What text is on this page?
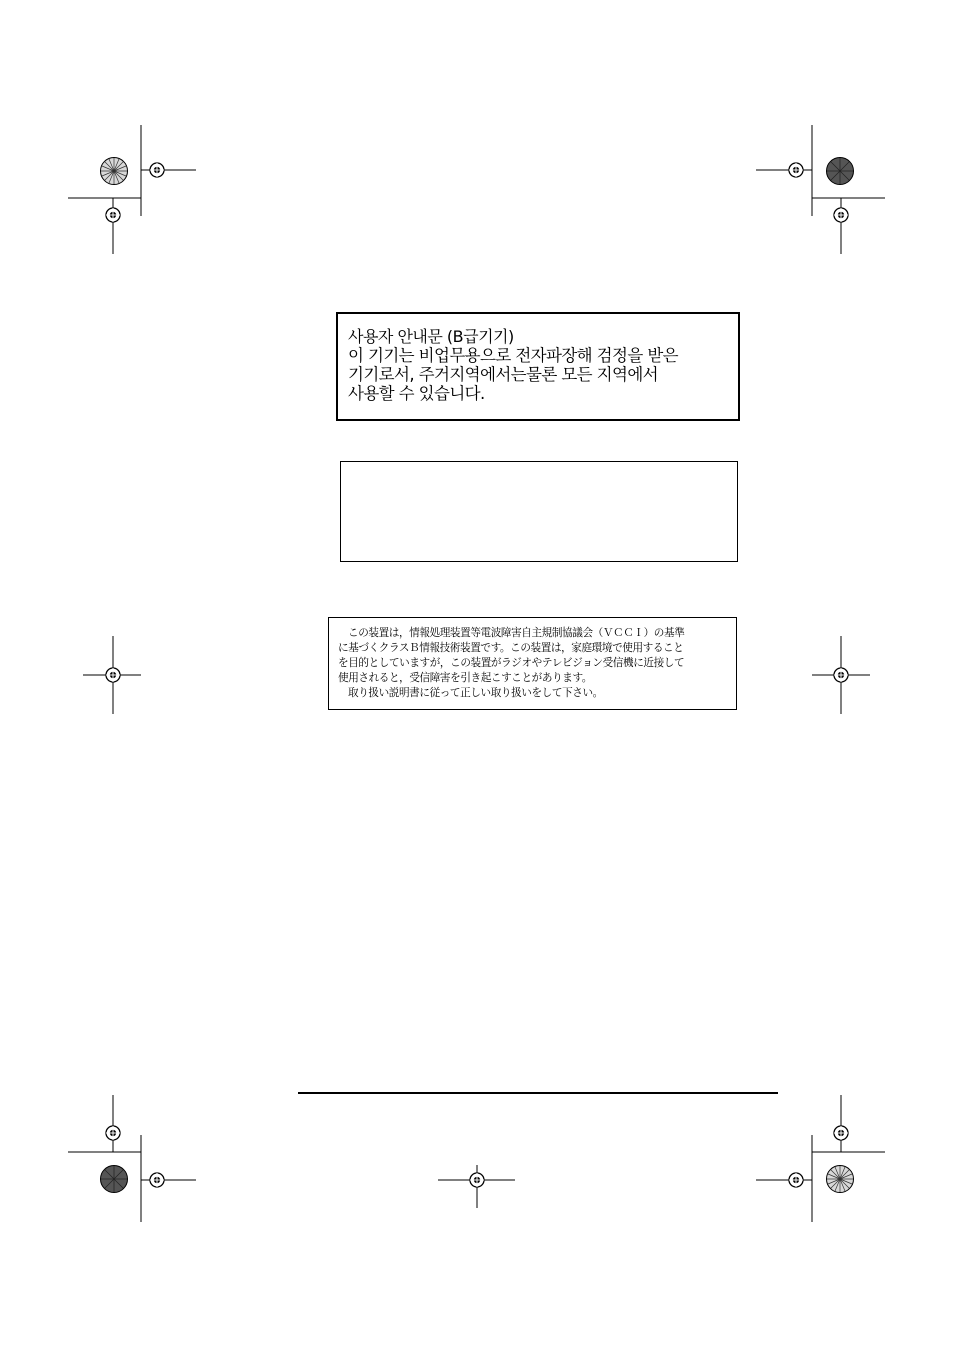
사용자 안내문 (B급기기)
이 기기는 비업무용으로 전자파장해 검정을 받은
기기로서, 주거지역에서는물론 모든 지역에서
사용할 수 있습니다.
この装置は，情報処理装置等電波障害自主規制協議会（ＶＣＣＩ）の基準
に基づくクラスＢ情報技術装置です。この装置は，家庭環境で使用すること
を目的としていますが，この装置がラジオやテレビジョン受信機に近接して
使用されると，受信障害を引き起こすことがあります。
取り扱い説明書に従って正しい取り扱いをして下さい。
